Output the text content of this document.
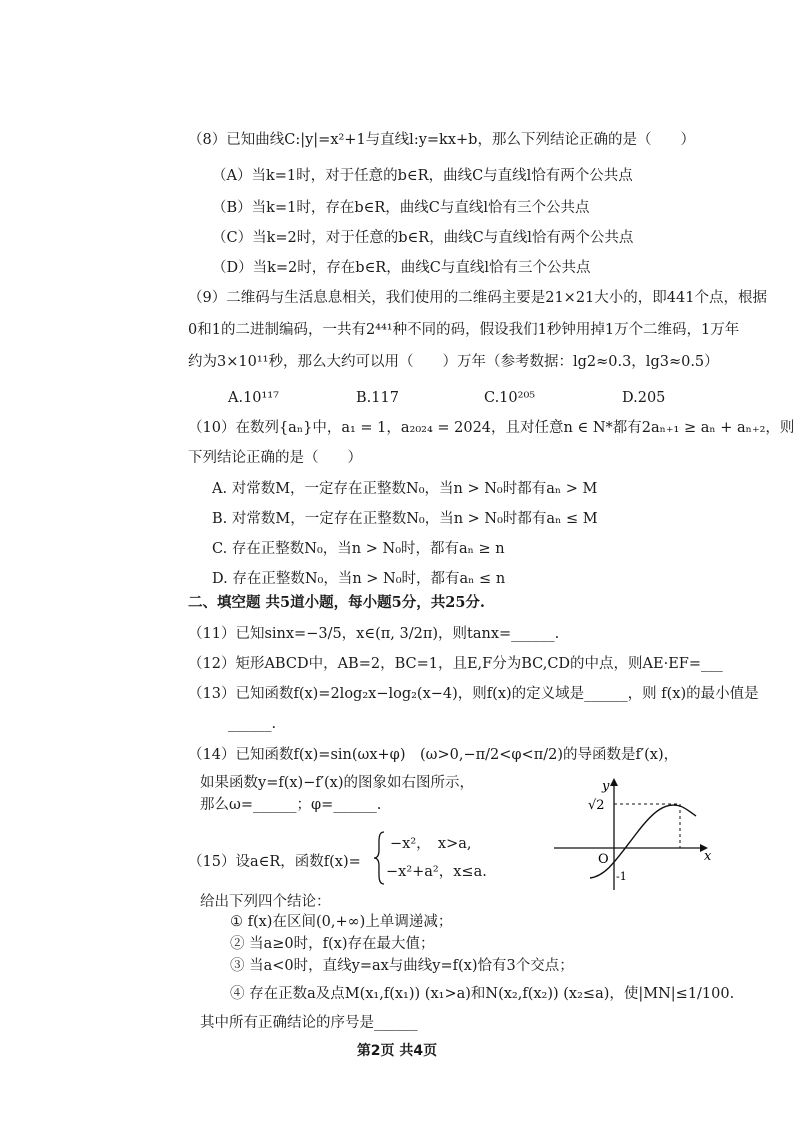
（8）已知曲线C:|y|=x²+1与直线l:y=kx+b，那么下列结论正确的是（　　）
（A）当k=1时，对于任意的b∈R，曲线C与直线l恰有两个公共点
（B）当k=1时，存在b∈R，曲线C与直线l恰有三个公共点
（C）当k=2时，对于任意的b∈R，曲线C与直线l恰有两个公共点
（D）当k=2时，存在b∈R，曲线C与直线l恰有三个公共点
（9）二维码与生活息息相关，我们使用的二维码主要是21×21大小的，即441个点，根据
0和1的二进制编码，一共有2⁴⁴¹种不同的码，假设我们1秒钟用掉1万个二维码，1万年
约为3×10¹¹秒，那么大约可以用（　　）万年（参考数据：lg2≈0.3，lg3≈0.5）
A.10¹¹⁷	B.117	C.10²⁰⁵	D.205
（10）在数列{aₙ}中，a₁ = 1，a₂₀₂₄ = 2024，且对任意n ∈ N*都有2aₙ₊₁ ≥ aₙ + aₙ₊₂，则
下列结论正确的是（　　）
A. 对常数M，一定存在正整数N₀，当n > N₀时都有aₙ > M
B. 对常数M，一定存在正整数N₀，当n > N₀时都有aₙ ≤ M
C. 存在正整数N₀，当n > N₀时，都有aₙ ≥ n
D. 存在正整数N₀，当n > N₀时，都有aₙ ≤ n
二、填空题 共5道小题，每小题5分，共25分.
（11）已知sinx=−3/5，x∈(π, 3/2π)，则tanx=______.
（12）矩形ABCD中，AB=2，BC=1，且E,F分为BC,CD的中点，则AE·EF=___
（13）已知函数f(x)=2log₂x−log₂(x−4)，则f(x)的定义域是______，则 f(x)的最小值是
______.
（14）已知函数f(x)=sin(ωx+φ)　(ω>0,−π/2<φ<π/2)的导函数是f′(x)，
如果函数y=f(x)−f′(x)的图象如右图所示，
那么ω=______；φ=______.
y
x
O
√2
-1
（15）设a∈R，函数f(x)=
−x²，　x>a,
−x²+a²，x≤a.
给出下列四个结论：
① f(x)在区间(0,+∞)上单调递减；
② 当a≥0时，f(x)存在最大值；
③ 当a<0时，直线y=ax与曲线y=f(x)恰有3个交点；
④ 存在正数a及点M(x₁,f(x₁)) (x₁>a)和N(x₂,f(x₂)) (x₂≤a)，使|MN|≤1/100.
其中所有正确结论的序号是______
第2页 共4页
